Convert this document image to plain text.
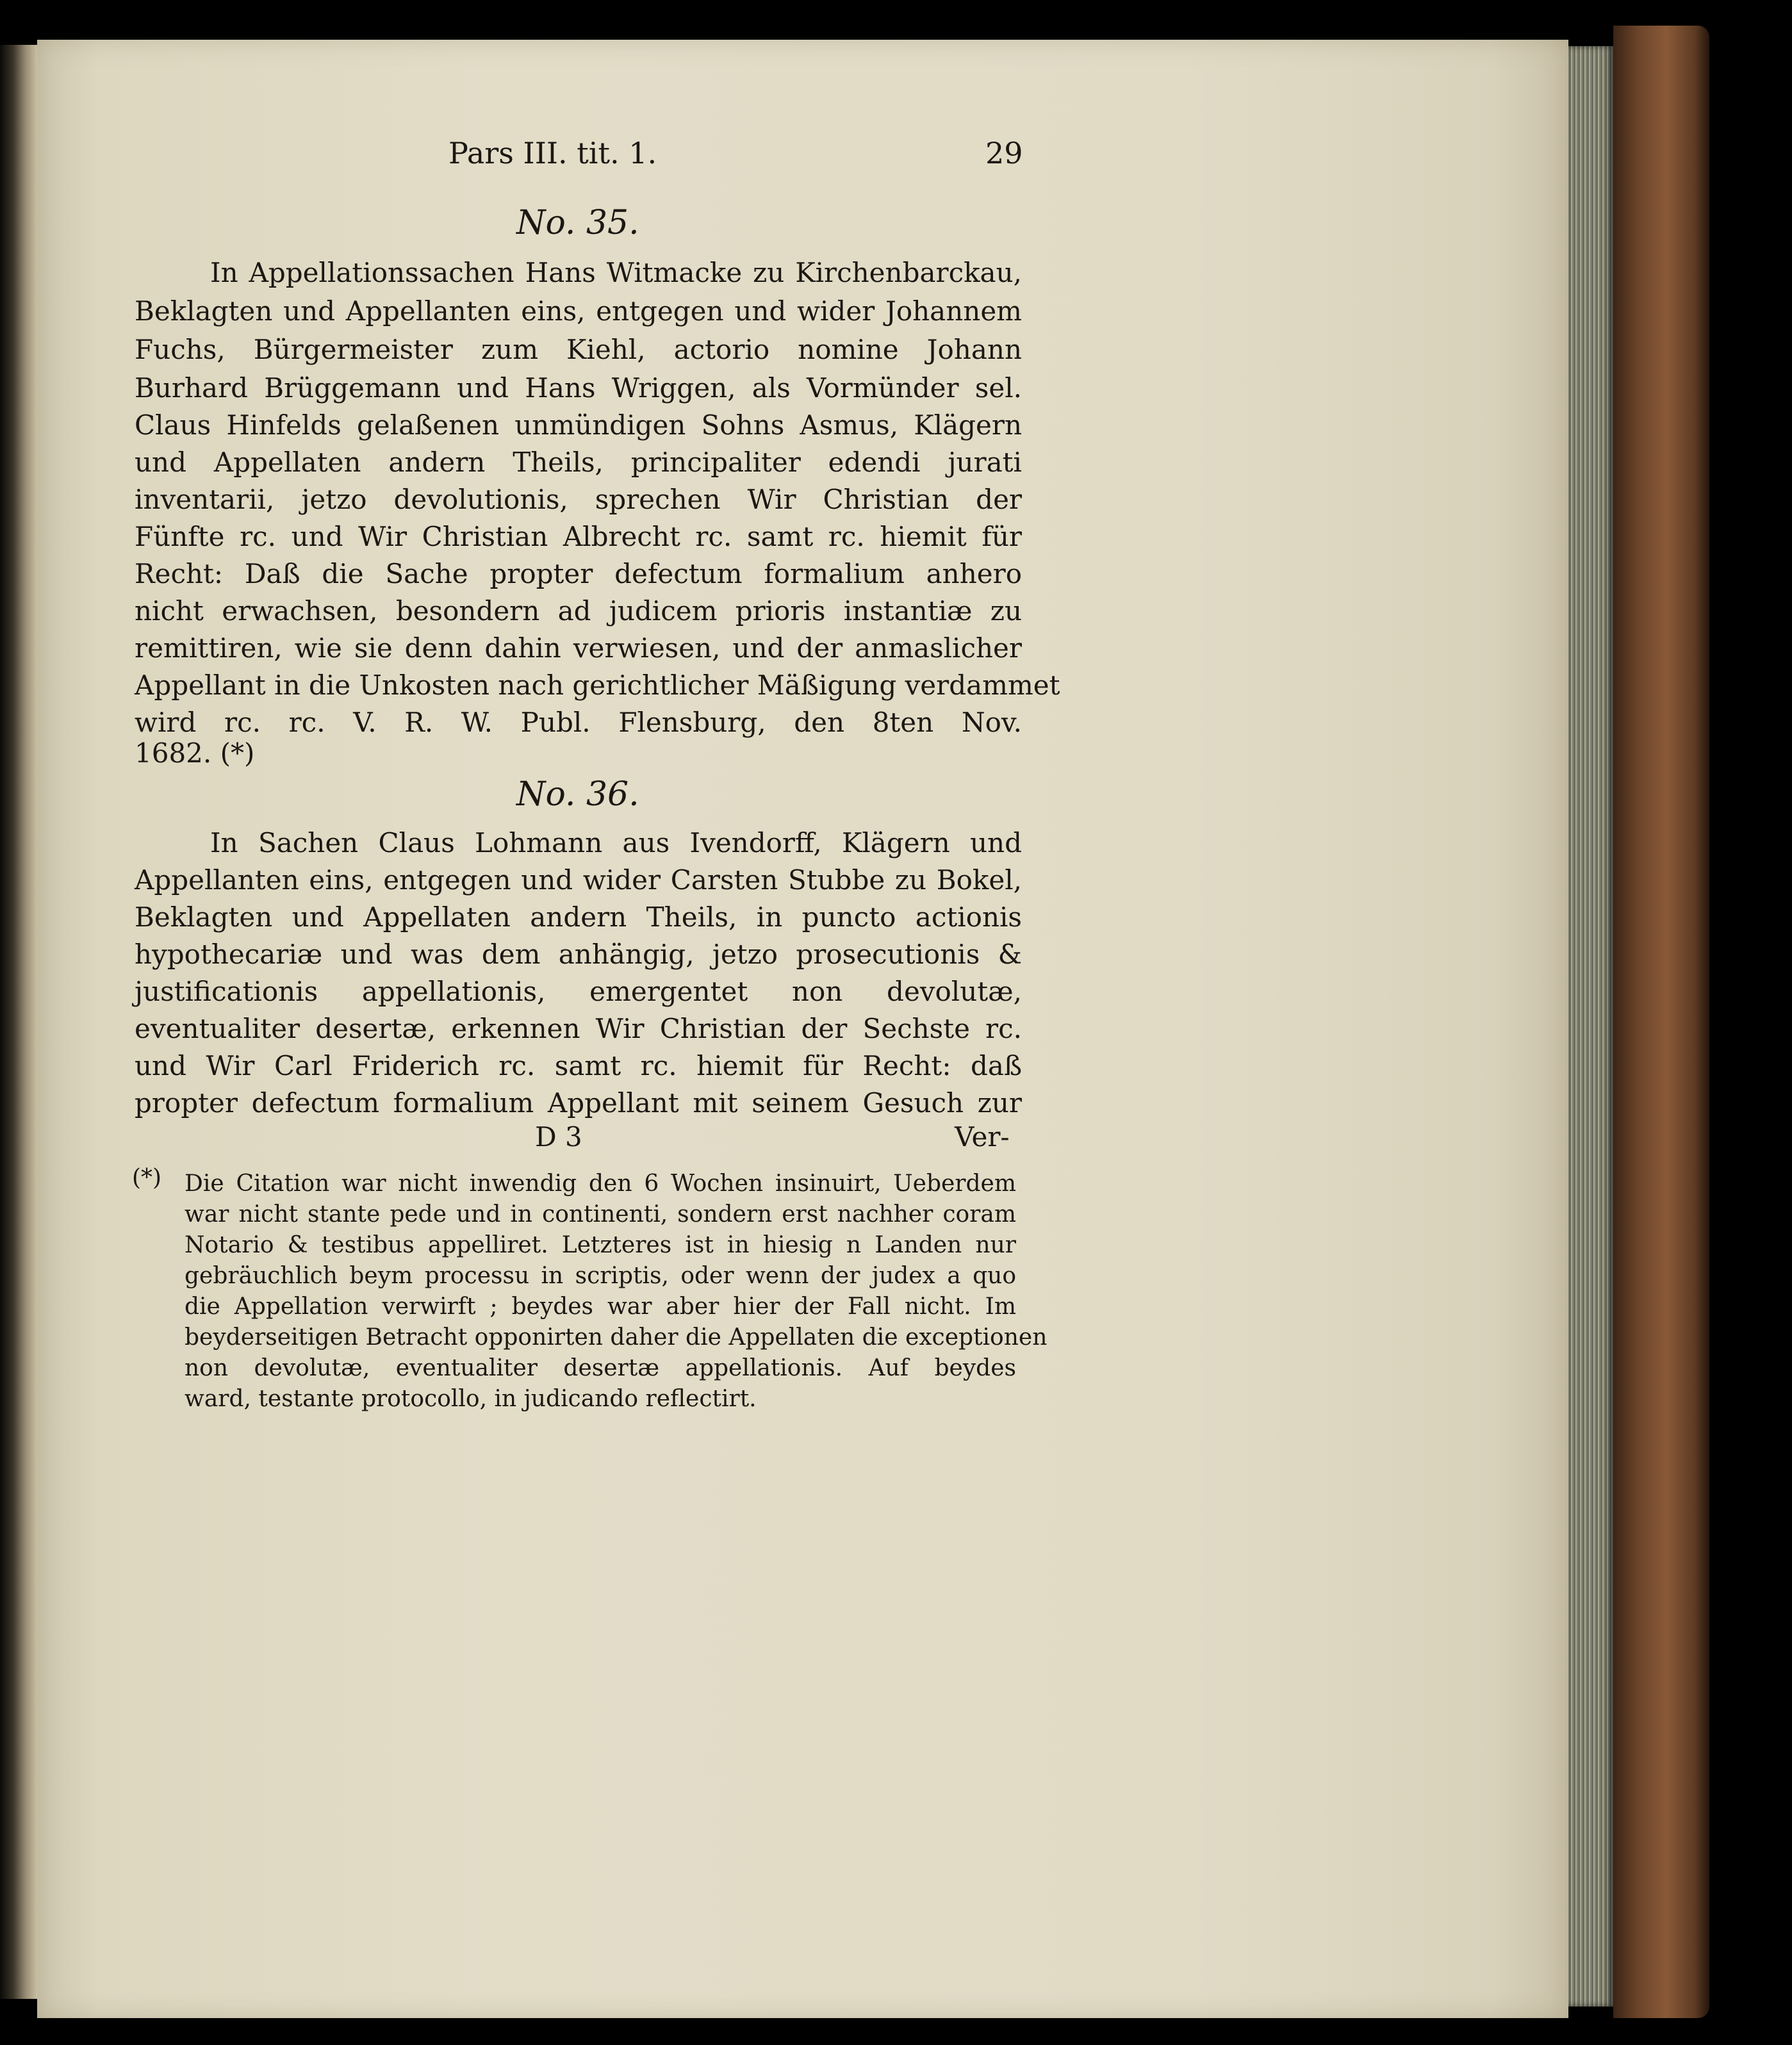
Pars III. tit. 1.	29
No. 35.
In Appellationssachen Hans Witmacke zu Kirchenbarckau,
Beklagten und Appellanten eins, entgegen und wider Johannem
Fuchs, Bürgermeister zum Kiehl, actorio nomine Johann
Burhard Brüggemann und Hans Wriggen, als Vormünder sel.
Claus Hinfelds gelaßenen unmündigen Sohns Asmus, Klägern
und Appellaten andern Theils, principaliter edendi jurati
inventarii, jetzo devolutionis, sprechen Wir Christian der
Fünfte rc. und Wir Christian Albrecht rc. samt rc. hiemit für
Recht: Daß die Sache propter defectum formalium anhero
nicht erwachsen, besondern ad judicem prioris instantiæ zu
remittiren, wie sie denn dahin verwiesen, und der anmaslicher
Appellant in die Unkosten nach gerichtlicher Mäßigung verdammet
wird rc. rc. V. R. W. Publ. Flensburg, den 8ten Nov.
1682. (*)
No. 36.
In Sachen Claus Lohmann aus Ivendorff, Klägern und
Appellanten eins, entgegen und wider Carsten Stubbe zu Bokel,
Beklagten und Appellaten andern Theils, in puncto actionis
hypothecariæ und was dem anhängig, jetzo prosecutionis &
justificationis appellationis, emergentet non devolutæ,
eventualiter desertæ, erkennen Wir Christian der Sechste rc.
und Wir Carl Friderich rc. samt rc. hiemit für Recht: daß
propter defectum formalium Appellant mit seinem Gesuch zur
D 3	Ver-
(*) Die Citation war nicht inwendig den 6 Wochen insinuirt, Ueberdem
war nicht stante pede und in continenti, sondern erst nachher coram
Notario & testibus appelliret. Letzteres ist in hiesig n Landen nur
gebräuchlich beym processu in scriptis, oder wenn der judex a quo
die Appellation verwirft ; beydes war aber hier der Fall nicht. Im
beyderseitigen Betracht opponirten daher die Appellaten die exceptionen
non devolutæ, eventualiter desertæ appellationis. Auf beydes
ward, testante protocollo, in judicando reflectirt.
